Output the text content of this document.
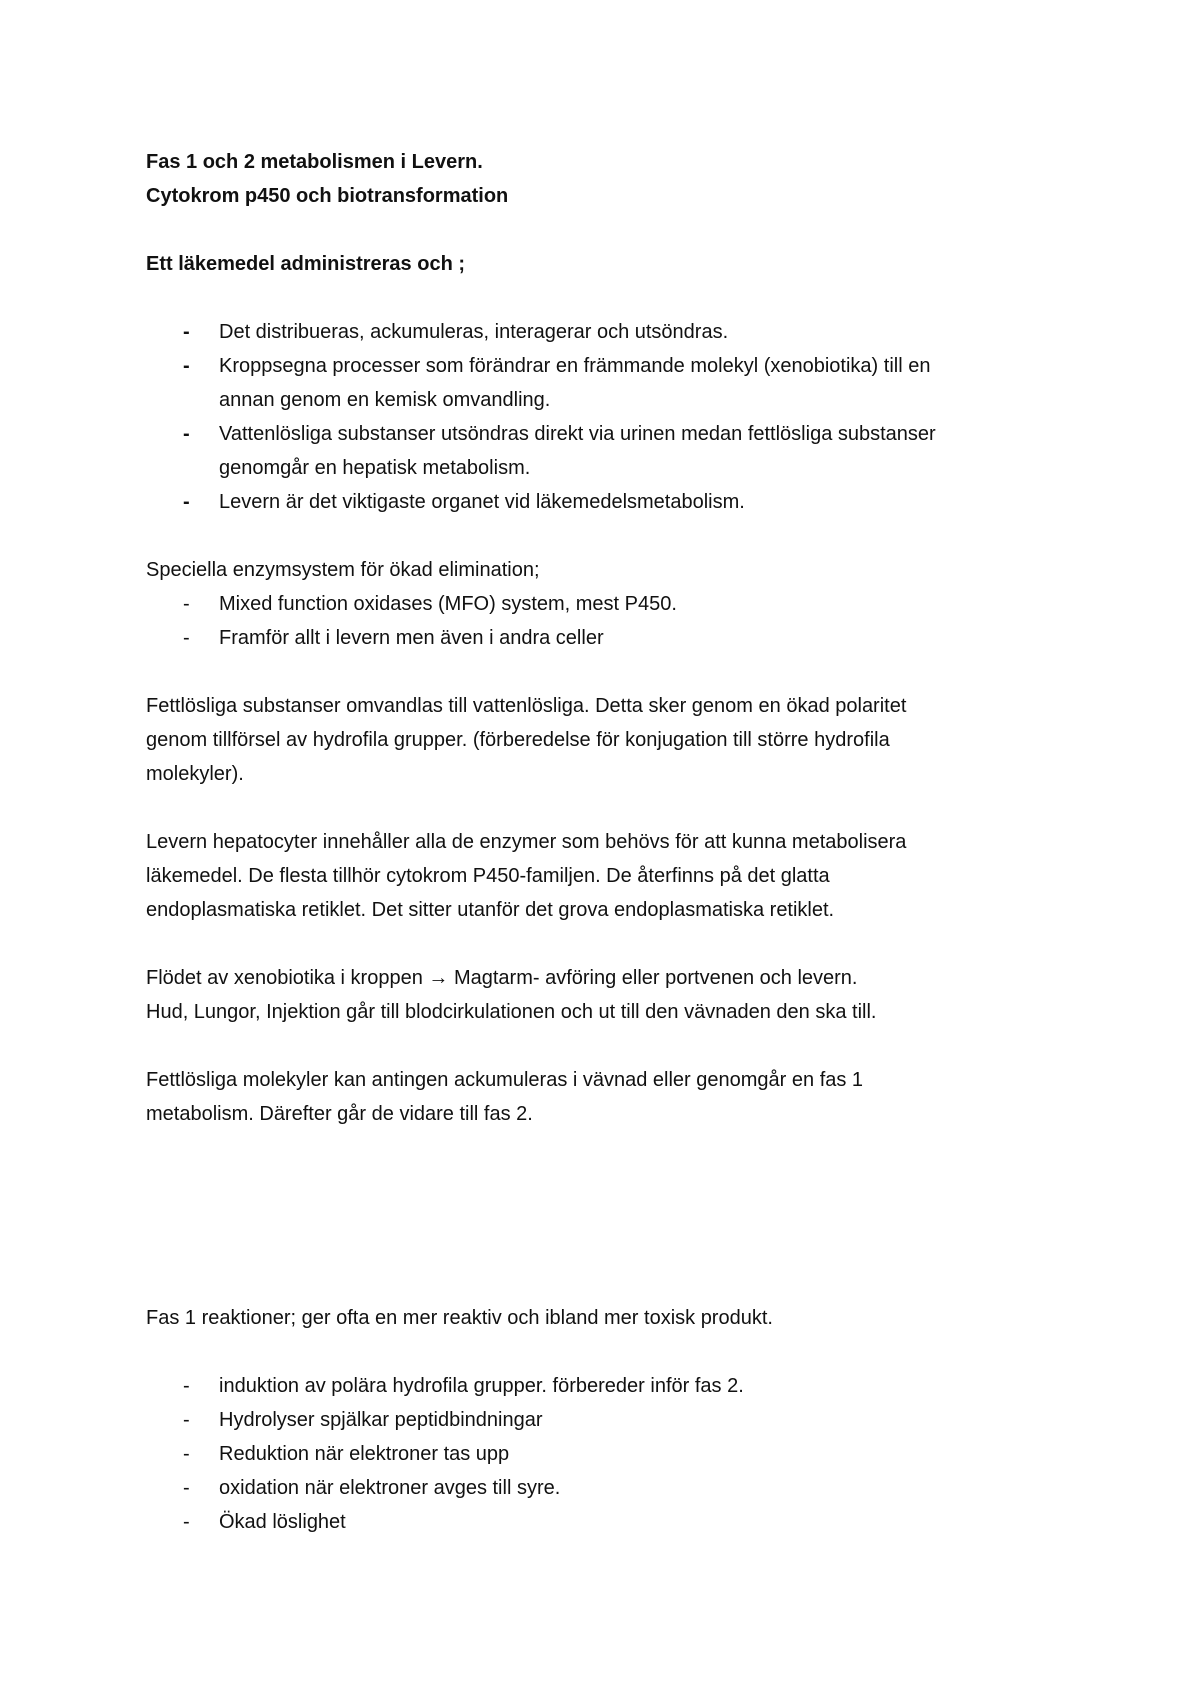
Fas 1 och 2 metabolismen i Levern.
Cytokrom p450 och biotransformation
Ett läkemedel administreras och ;
- Det distribueras, ackumuleras, interagerar och utsöndras.
- Kroppsegna processer som förändrar en främmande molekyl (xenobiotika) till en
annan genom en kemisk omvandling.
- Vattenlösliga substanser utsöndras direkt via urinen medan fettlösliga substanser
genomgår en hepatisk metabolism.
- Levern är det viktigaste organet vid läkemedelsmetabolism.
Speciella enzymsystem för ökad elimination;
- Mixed function oxidases (MFO) system, mest P450.
- Framför allt i levern men även i andra celler
Fettlösliga substanser omvandlas till vattenlösliga. Detta sker genom en ökad polaritet
genom tillförsel av hydrofila grupper. (förberedelse för konjugation till större hydrofila
molekyler).
Levern hepatocyter innehåller alla de enzymer som behövs för att kunna metabolisera
läkemedel. De flesta tillhör cytokrom P450-familjen. De återfinns på det glatta
endoplasmatiska retiklet. Det sitter utanför det grova endoplasmatiska retiklet.
Flödet av xenobiotika i kroppen → Magtarm- avföring eller portvenen och levern.
Hud, Lungor, Injektion går till blodcirkulationen och ut till den vävnaden den ska till.
Fettlösliga molekyler kan antingen ackumuleras i vävnad eller genomgår en fas 1
metabolism. Därefter går de vidare till fas 2.
Fas 1 reaktioner; ger ofta en mer reaktiv och ibland mer toxisk produkt.
- induktion av polära hydrofila grupper. förbereder inför fas 2.
- Hydrolyser spjälkar peptidbindningar
- Reduktion när elektroner tas upp
- oxidation när elektroner avges till syre.
- Ökad löslighet
